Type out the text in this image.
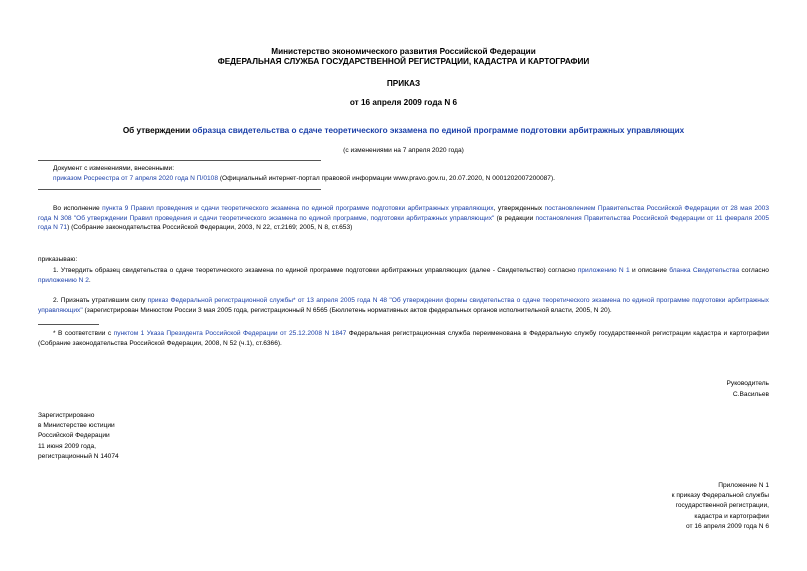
Министерство экономического развития Российской Федерации
ФЕДЕРАЛЬНАЯ СЛУЖБА ГОСУДАРСТВЕННОЙ РЕГИСТРАЦИИ, КАДАСТРА И КАРТОГРАФИИ
ПРИКАЗ
от 16 апреля 2009 года N 6
Об утверждении образца свидетельства о сдаче теоретического экзамена по единой программе подготовки арбитражных управляющих
(с изменениями на 7 апреля 2020 года)
Документ с изменениями, внесенными:
приказом Росреестра от 7 апреля 2020 года N П/0108 (Официальный интернет-портал правовой информации www.pravo.gov.ru, 20.07.2020, N 0001202007200087).
Во исполнение пункта 9 Правил проведения и сдачи теоретического экзамена по единой программе подготовки арбитражных управляющих, утвержденных постановлением Правительства Российской Федерации от 28 мая 2003 года N 308 "Об утверждении Правил проведения и сдачи теоретического экзамена по единой программе, подготовки арбитражных управляющих" (в редакции постановления Правительства Российской Федерации от 11 февраля 2005 года N 71) (Собрание законодательства Российской Федерации, 2003, N 22, ст.2169; 2005, N 8, ст.653)
приказываю:
1. Утвердить образец свидетельства о сдаче теоретического экзамена по единой программе подготовки арбитражных управляющих (далее - Свидетельство) согласно приложению N 1 и описание бланка Свидетельства согласно приложению N 2.
2. Признать утратившим силу приказ Федеральной регистрационной службы* от 13 апреля 2005 года N 48 "Об утверждении формы свидетельства о сдаче теоретического экзамена по единой программе подготовки арбитражных управляющих" (зарегистрирован Минюстом России 3 мая 2005 года, регистрационный N 6565 (Бюллетень нормативных актов федеральных органов исполнительной власти, 2005, N 20).
* В соответствии с пунктом 1 Указа Президента Российской Федерации от 25.12.2008 N 1847 Федеральная регистрационная служба переименована в Федеральную службу государственной регистрации кадастра и картографии (Собрание законодательства Российской Федерации, 2008, N 52 (ч.1), ст.6366).
Руководитель
С.Васильев
Зарегистрировано
в Министерстве юстиции
Российской Федерации
11 июня 2009 года,
регистрационный N 14074
Приложение N 1
к приказу Федеральной службы
государственной регистрации,
кадастра и картографии
от 16 апреля 2009 года N 6
